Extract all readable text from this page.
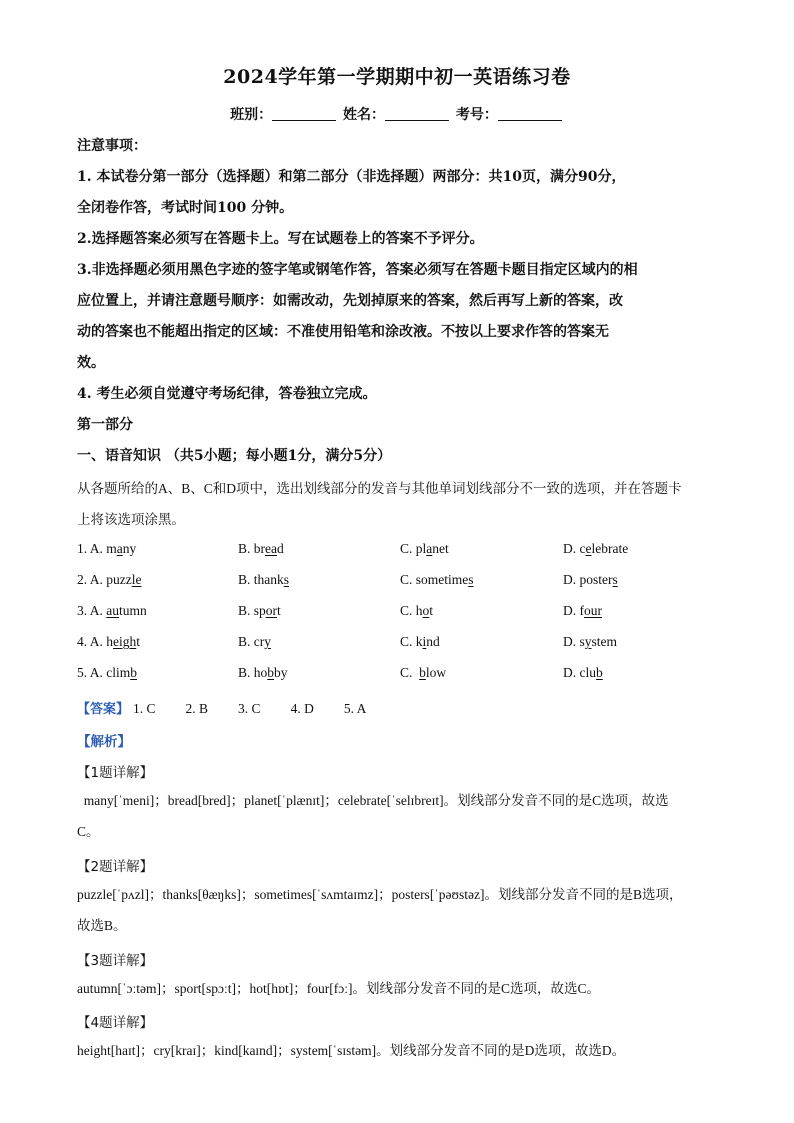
2024学年第一学期期中初一英语练习卷
班别：	姓名：	考号：
注意事项：
1. 本试卷分第一部分（选择题）和第二部分（非选择题）两部分：共10页，满分90分，
全闭卷作答，考试时间100 分钟。
2.选择题答案必须写在答题卡上。写在试题卷上的答案不予评分。
3.非选择题必须用黑色字迹的签字笔或钢笔作答，答案必须写在答题卡题目指定区域内的相
应位置上，并请注意题号顺序：如需改动，先划掉原来的答案，然后再写上新的答案，改
动的答案也不能超出指定的区域：不准使用铅笔和涂改液。不按以上要求作答的答案无
效。
4. 考生必须自觉遵守考场纪律，答卷独立完成。
第一部分
一、语音知识 （共5小题；每小题1分，满分5分）
从各题所给的A、B、C和D项中，选出划线部分的发音与其他单词划线部分不一致的选项，并在答题卡
上将该选项涂黑。
1. A. many	B. bread	C. planet	D. celebrate
2. A. puzzle	B. thanks	C. sometimes	D. posters
3. A. autumn	B. sport	C. hot	D. four
4. A. height	B. cry	C. kind	D. system
5. A. climb	B. hobby	C.  blow	D. club
【答案】 1. C 2. B 3. C 4. D 5. A
【解析】
【1题详解】
many[ˈmeni]；bread[bred]；planet[ˈplænɪt]；celebrate[ˈselɪbreɪt]。划线部分发音不同的是C选项，故选
C。
【2题详解】
puzzle[ˈpʌzl]；thanks[θæŋks]；sometimes[ˈsʌmtaɪmz]；posters[ˈpəʊstəz]。划线部分发音不同的是B选项，
故选B。
【3题详解】
autumn[ˈɔːtəm]；sport[spɔːt]；hot[hɒt]；four[fɔː]。划线部分发音不同的是C选项，故选C。
【4题详解】
height[haɪt]；cry[kraɪ]；kind[kaɪnd]；system[ˈsɪstəm]。划线部分发音不同的是D选项，故选D。
